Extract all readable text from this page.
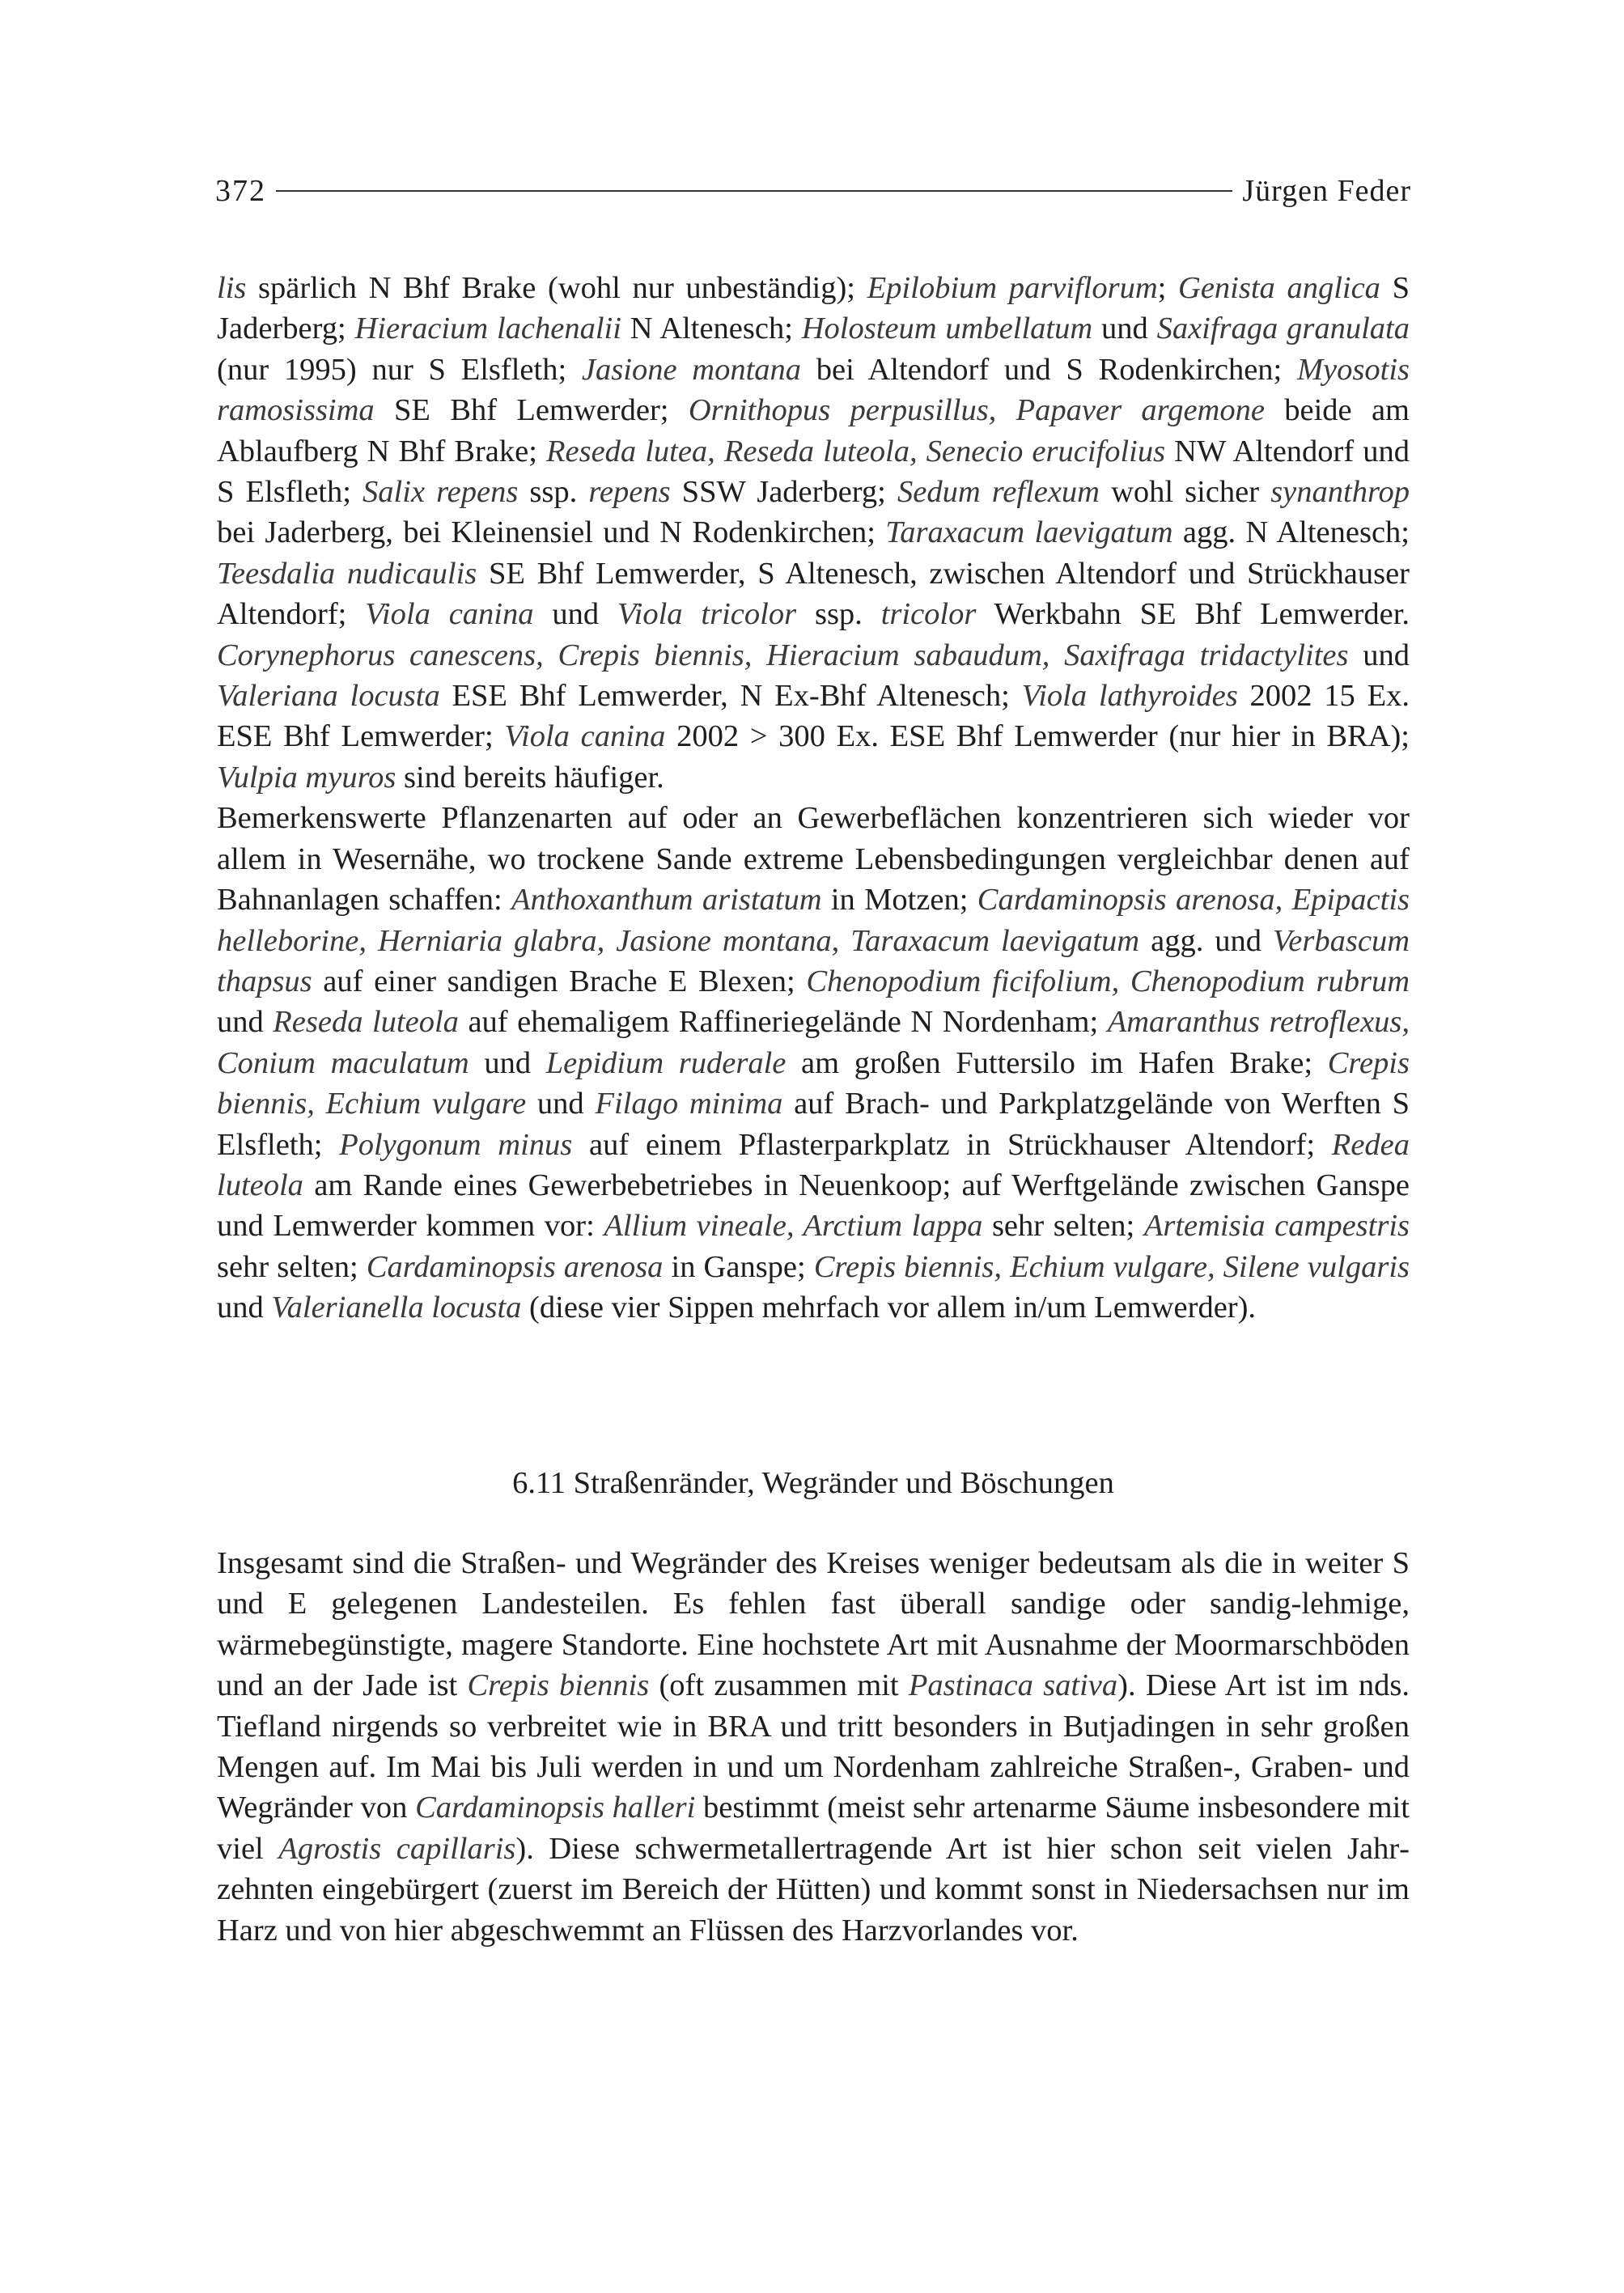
372	Jürgen Feder

lis spärlich N Bhf Brake (wohl nur unbeständig); Epilobium parviflorum; Genista anglica S Jaderberg; Hieracium lachenalii N Altenesch; Holosteum umbellatum und Saxifraga granulata (nur 1995) nur S Elsfleth; Jasione montana bei Altendorf und S Rodenkirchen; Myosotis ramosissima SE Bhf Lemwerder; Ornithopus perpusillus, Papaver argemone beide am Ablaufberg N Bhf Brake; Reseda lutea, Reseda luteola, Senecio erucifolius NW Altendorf und S Elsfleth; Salix repens ssp. repens SSW Jaderberg; Sedum reflexum wohl sicher synanthrop bei Jaderberg, bei Kleinensiel und N Rodenkirchen; Taraxacum laevigatum agg. N Altenesch; Teesdalia nudicaulis SE Bhf Lemwerder, S Altenesch, zwischen Altendorf und Strückhauser Altendorf; Viola canina und Viola tricolor ssp. tricolor Werkbahn SE Bhf Lemwerder. Corynephorus canescens, Crepis biennis, Hieracium sabaudum, Saxifraga tridactylites und Valeriana locusta ESE Bhf Lemwerder, N Ex-Bhf Altenesch; Viola lathyroides 2002 15 Ex. ESE Bhf Lemwerder; Viola canina 2002 > 300 Ex. ESE Bhf Lemwerder (nur hier in BRA); Vulpia myuros sind bereits häufiger.

Bemerkenswerte Pflanzenarten auf oder an Gewerbeflächen konzentrieren sich wieder vor allem in Wesernähe, wo trockene Sande extreme Lebensbedingungen vergleichbar denen auf Bahnanlagen schaffen: Anthoxanthum aristatum in Motzen; Cardaminopsis arenosa, Epipactis helleborine, Herniaria glabra, Jasione montana, Taraxacum laevigatum agg. und Verbascum thapsus auf einer sandigen Brache E Blexen; Chenopodium ficifolium, Chenopodium rubrum und Reseda luteola auf ehemaligem Raffineriegelände N Nordenham; Amaranthus retroflexus, Conium maculatum und Lepidium ruderale am großen Futtersilo im Hafen Brake; Crepis biennis, Echium vulgare und Filago minima auf Brach- und Parkplatzgelände von Werften S Elsfleth; Polygonum minus auf einem Pflasterparkplatz in Strückhauser Altendorf; Redea luteola am Rande eines Gewerbebetriebes in Neuenkoop; auf Werftgelände zwischen Ganspe und Lemwerder kommen vor: Allium vineale, Arctium lappa sehr selten; Artemisia campestris sehr selten; Cardaminopsis arenosa in Ganspe; Crepis biennis, Echium vulgare, Silene vulgaris und Valerianella locusta (diese vier Sippen mehrfach vor allem in/um Lemwerder).

6.11 Straßenränder, Wegränder und Böschungen

Insgesamt sind die Straßen- und Wegränder des Kreises weniger bedeutsam als die in weiter S und E gelegenen Landesteilen. Es fehlen fast überall sandige oder sandig-lehmige, wärmebegünstigte, magere Standorte. Eine hochstete Art mit Ausnahme der Moormarschböden und an der Jade ist Crepis biennis (oft zusammen mit Pastinaca sativa). Diese Art ist im nds. Tiefland nirgends so verbreitet wie in BRA und tritt besonders in Butjadingen in sehr großen Mengen auf. Im Mai bis Juli werden in und um Nordenham zahlreiche Straßen-, Graben- und Wegränder von Cardaminopsis halleri bestimmt (meist sehr artenarme Säume insbesondere mit viel Agrostis capillaris). Diese schwermetallertragende Art ist hier schon seit vielen Jahrzehnten eingebürgert (zuerst im Bereich der Hütten) und kommt sonst in Niedersachsen nur im Harz und von hier abgeschwemmt an Flüssen des Harzvorlandes vor.
